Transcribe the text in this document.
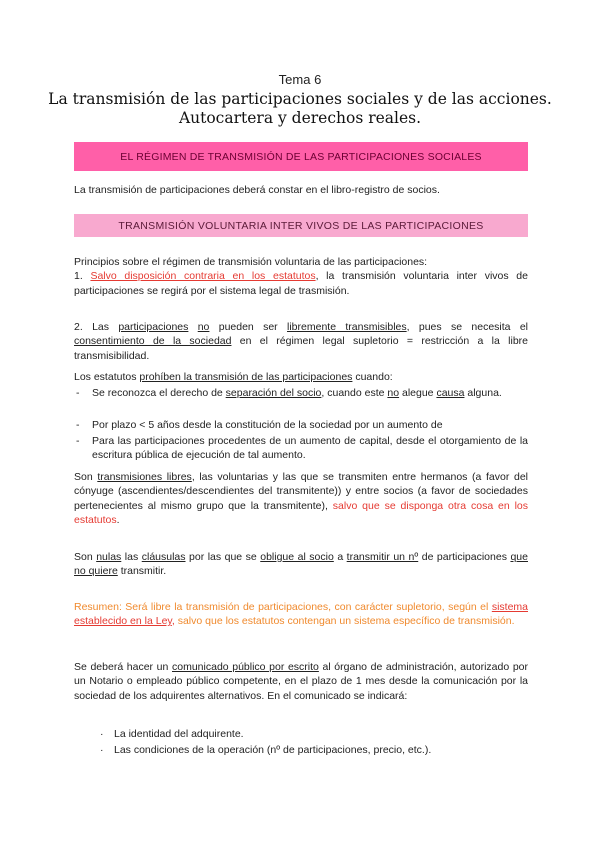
Tema 6
La transmisión de las participaciones sociales y de las acciones.
Autocartera y derechos reales.
EL RÉGIMEN DE TRANSMISIÓN DE LAS PARTICIPACIONES SOCIALES
La transmisión de participaciones deberá constar en el libro-registro de socios.
TRANSMISIÓN VOLUNTARIA INTER VIVOS DE LAS PARTICIPACIONES
Principios sobre el régimen de transmisión voluntaria de las participaciones:
1. Salvo disposición contraria en los estatutos, la transmisión voluntaria inter vivos de participaciones se regirá por el sistema legal de trasmisión.
2. Las participaciones no pueden ser libremente transmisibles, pues se necesita el consentimiento de la sociedad en el régimen legal supletorio = restricción a la libre transmisibilidad.
Los estatutos prohíben la transmisión de las participaciones cuando:
- Se reconozca el derecho de separación del socio, cuando este no alegue causa alguna.
- Por plazo < 5 años desde la constitución de la sociedad por un aumento de
- Para las participaciones procedentes de un aumento de capital, desde el otorgamiento de la escritura pública de ejecución de tal aumento.
Son transmisiones libres, las voluntarias y las que se transmiten entre hermanos (a favor del cónyuge (ascendientes/descendientes del transmitente)) y entre socios (a favor de sociedades pertenecientes al mismo grupo que la transmitente), salvo que se disponga otra cosa en los estatutos.
Son nulas las cláusulas por las que se obligue al socio a transmitir un nº de participaciones que no quiere transmitir.
Resumen: Será libre la transmisión de participaciones, con carácter supletorio, según el sistema establecido en la Ley, salvo que los estatutos contengan un sistema específico de transmisión.
Se deberá hacer un comunicado público por escrito al órgano de administración, autorizado por un Notario o empleado público competente, en el plazo de 1 mes desde la comunicación por la sociedad de los adquirentes alternativos. En el comunicado se indicará:
· La identidad del adquirente.
· Las condiciones de la operación (nº de participaciones, precio, etc.).
